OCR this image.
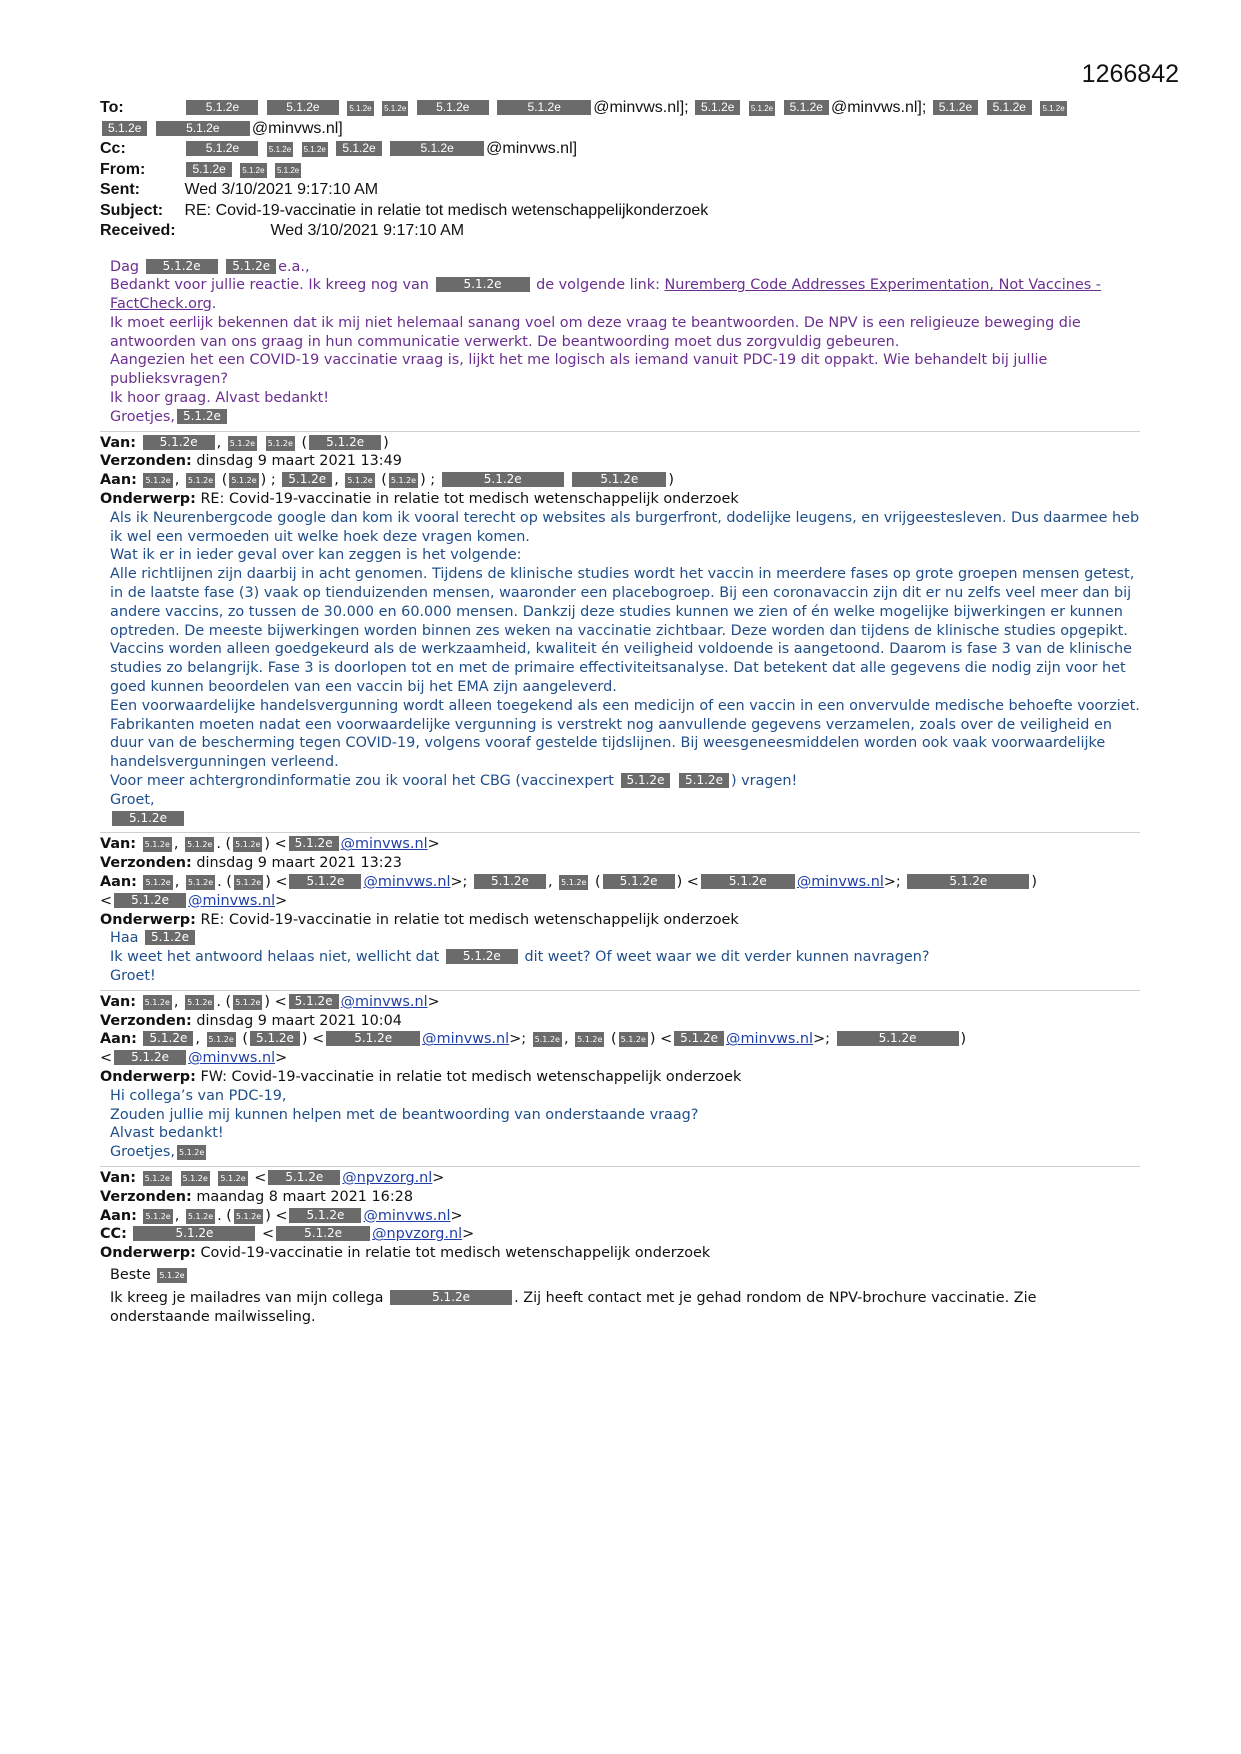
1266842
To:	5.1.2e	5.1.2e	5.1.2e 5.1.2e 5.1.2e	5.1.2e @minvws.nl]; 5.1.2e 5.1.2e 5.1.2e @minvws.nl]; 5.1.2e 5.1.2e 5.1.2e
5.1.2e	5.1.2e @minvws.nl]
Cc:	5.1.2e	5.1.2e 5.1.2e 5.1.2e	5.1.2e @minvws.nl]
From:	5.1.2e 5.1.2e 5.1.2e
Sent:	Wed 3/10/2021 9:17:10 AM
Subject: RE: Covid-19-vaccinatie in relatie tot medisch wetenschappelijkonderzoek
Received:	Wed 3/10/2021 9:17:10 AM

Dag 5.1.2e	5.1.2e e.a.,

Bedankt voor jullie reactie. Ik kreeg nog van	5.1.2e de volgende link: Nuremberg Code Addresses Experimentation, Not Vaccines - FactCheck.org.

Ik moet eerlijk bekennen dat ik mij niet helemaal sanang voel om deze vraag te beantwoorden. De NPV is een religieuze beweging die antwoorden van ons graag in hun communicatie verwerkt. De beantwoording moet dus zorgvuldig gebeuren.

Aangezien het een COVID-19 vaccinatie vraag is, lijkt het me logisch als iemand vanuit PDC-19 dit oppakt. Wie behandelt bij jullie publieksvragen?

Ik hoor graag. Alvast bedankt!

Groetjes, 5.1.2e

Van: 5.1.2e , 5.1.2e 5.1.2e ( 5.1.2e )
Verzonden: dinsdag 9 maart 2021 13:49
Aan: 5.1.2e , 5.1.2e ( 5.1.2e ) ; 5.1.2e , 5.1.2e ( 5.1.2e ) ;	5.1.2e	5.1.2e )
Onderwerp: RE: Covid-19-vaccinatie in relatie tot medisch wetenschappelijk onderzoek

Als ik Neurenbergcode google dan kom ik vooral terecht op websites als burgerfront, dodelijke leugens, en vrijgeestesleven. Dus daarmee heb ik wel een vermoeden uit welke hoek deze vragen komen.

Wat ik er in ieder geval over kan zeggen is het volgende:

Alle richtlijnen zijn daarbij in acht genomen. Tijdens de klinische studies wordt het vaccin in meerdere fases op grote groepen mensen getest, in de laatste fase (3) vaak op tienduizenden mensen, waaronder een placebogroep. Bij een coronavaccin zijn dit er nu zelfs veel meer dan bij andere vaccins, zo tussen de 30.000 en 60.000 mensen. Dankzij deze studies kunnen we zien of én welke mogelijke bijwerkingen er kunnen optreden. De meeste bijwerkingen worden binnen zes weken na vaccinatie zichtbaar. Deze worden dan tijdens de klinische studies opgepikt.

Vaccins worden alleen goedgekeurd als de werkzaamheid, kwaliteit én veiligheid voldoende is aangetoond. Daarom is fase 3 van de klinische studies zo belangrijk. Fase 3 is doorlopen tot en met de primaire effectiviteitsanalyse. Dat betekent dat alle gegevens die nodig zijn voor het goed kunnen beoordelen van een vaccin bij het EMA zijn aangeleverd.

Een voorwaardelijke handelsvergunning wordt alleen toegekend als een medicijn of een vaccin in een onvervulde medische behoefte voorziet. Fabrikanten moeten nadat een voorwaardelijke vergunning is verstrekt nog aanvullende gegevens verzamelen, zoals over de veiligheid en duur van de bescherming tegen COVID-19, volgens vooraf gestelde tijdslijnen. Bij weesgeneesmiddelen worden ook vaak voorwaardelijke handelsvergunningen verleend.

Voor meer achtergrondinformatie zou ik vooral het CBG (vaccinexpert 5.1.2e 5.1.2e ) vragen!

Groet,

5.1.2e

Van: 5.1.2e , 5.1.2e . ( 5.1.2e ) < 5.1.2e @minvws.nl>
Verzonden: dinsdag 9 maart 2021 13:23
Aan: 5.1.2e , 5.1.2e . ( 5.1.2e ) < 5.1.2e @minvws.nl>; 5.1.2e , 5.1.2e ( 5.1.2e ) <	5.1.2e @minvws.nl>;	5.1.2e	)
< 5.1.2e @minvws.nl>
Onderwerp: RE: Covid-19-vaccinatie in relatie tot medisch wetenschappelijk onderzoek

Haa 5.1.2e

Ik weet het antwoord helaas niet, wellicht dat 5.1.2e dit weet? Of weet waar we dit verder kunnen navragen?

Groet!

Van: 5.1.2e , 5.1.2e . ( 5.1.2e ) < 5.1.2e @minvws.nl>
Verzonden: dinsdag 9 maart 2021 10:04
Aan: 5.1.2e , 5.1.2e ( 5.1.2e ) <	5.1.2e @minvws.nl>; 5.1.2e , 5.1.2e ( 5.1.2e ) < 5.1.2e @minvws.nl>;	5.1.2e	)
< 5.1.2e @minvws.nl>
Onderwerp: FW: Covid-19-vaccinatie in relatie tot medisch wetenschappelijk onderzoek

Hi collega’s van PDC-19,

Zouden jullie mij kunnen helpen met de beantwoording van onderstaande vraag?

Alvast bedankt!

Groetjes, 5.1.2e

Van: 5.1.2e 5.1.2e 5.1.2e < 5.1.2e @npvzorg.nl>
Verzonden: maandag 8 maart 2021 16:28
Aan: 5.1.2e , 5.1.2e . ( 5.1.2e ) < 5.1.2e @minvws.nl>
CC:	5.1.2e	<	5.1.2e @npvzorg.nl>
Onderwerp: Covid-19-vaccinatie in relatie tot medisch wetenschappelijk onderzoek

Beste 5.1.2e

Ik kreeg je mailadres van mijn collega	5.1.2e	. Zij heeft contact met je gehad rondom de NPV-brochure vaccinatie. Zie onderstaande mailwisseling.
